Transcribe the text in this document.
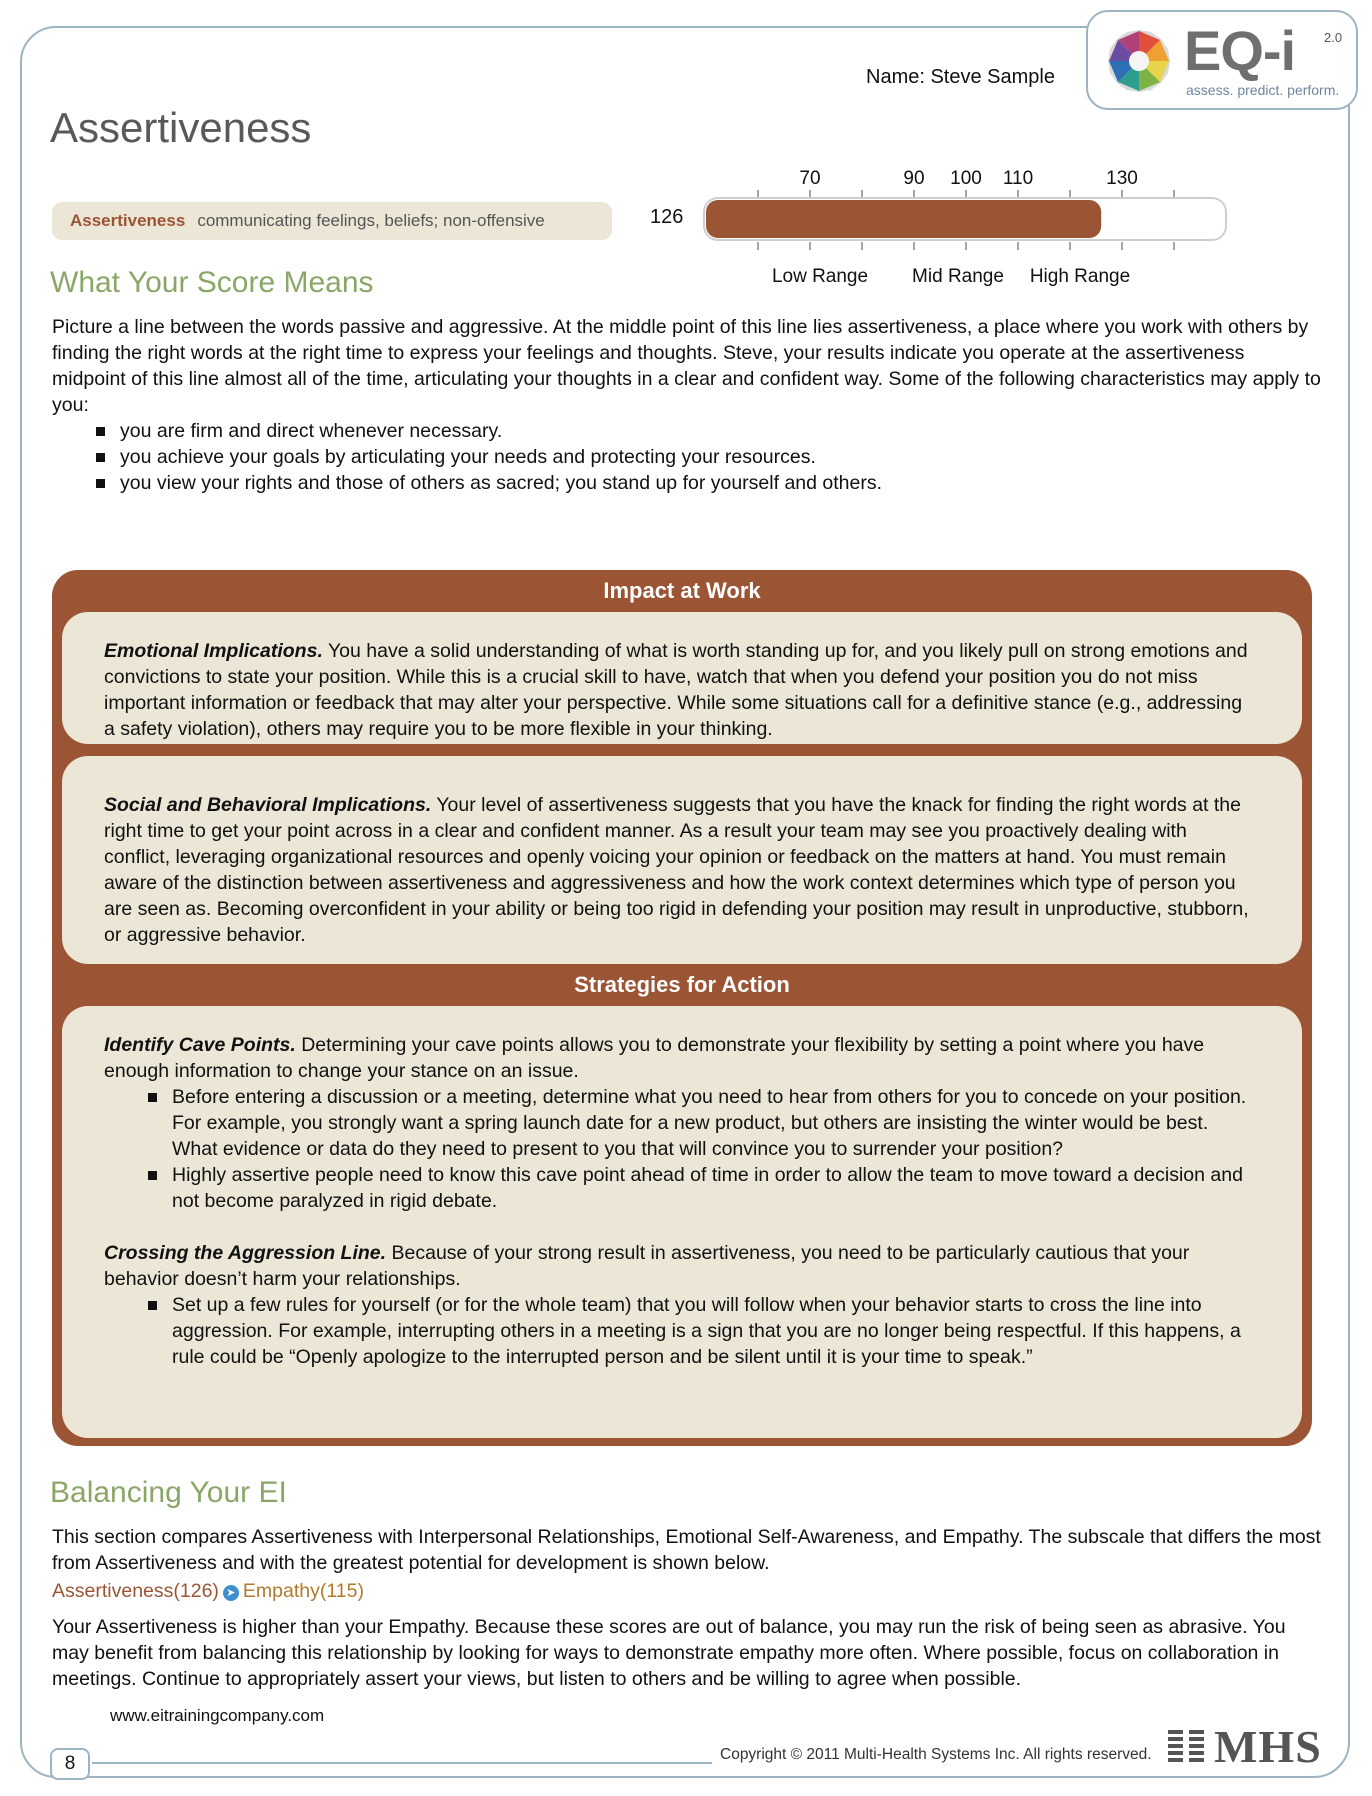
EQ-i 2.0
assess. predict. perform.
Name: Steve Sample
Assertiveness
Assertiveness communicating feelings, beliefs; non-offensive	126
70	90 100 110	130
Low Range Mid Range High Range
What Your Score Means

Picture a line between the words passive and aggressive. At the middle point of this line lies assertiveness, a place where you work with others by finding the right words at the right time to express your feelings and thoughts. Steve, your results indicate you operate at the assertiveness midpoint of this line almost all of the time, articulating your thoughts in a clear and confident way. Some of the following characteristics may apply to you:

you are firm and direct whenever necessary.
you achieve your goals by articulating your needs and protecting your resources.
you view your rights and those of others as sacred; you stand up for yourself and others.
Impact at Work

Emotional Implications. You have a solid understanding of what is worth standing up for, and you likely pull on strong emotions and convictions to state your position. While this is a crucial skill to have, watch that when you defend your position you do not miss important information or feedback that may alter your perspective. While some situations call for a definitive stance (e.g., addressing a safety violation), others may require you to be more flexible in your thinking.

Social and Behavioral Implications. Your level of assertiveness suggests that you have the knack for finding the right words at the right time to get your point across in a clear and confident manner. As a result your team may see you proactively dealing with conflict, leveraging organizational resources and openly voicing your opinion or feedback on the matters at hand. You must remain aware of the distinction between assertiveness and aggressiveness and how the work context determines which type of person you are seen as. Becoming overconfident in your ability or being too rigid in defending your position may result in unproductive, stubborn, or aggressive behavior.

Strategies for Action

Identify Cave Points. Determining your cave points allows you to demonstrate your flexibility by setting a point where you have enough information to change your stance on an issue.

Before entering a discussion or a meeting, determine what you need to hear from others for you to concede on your position. For example, you strongly want a spring launch date for a new product, but others are insisting the winter would be best. What evidence or data do they need to present to you that will convince you to surrender your position?
Highly assertive people need to know this cave point ahead of time in order to allow the team to move toward a decision and not become paralyzed in rigid debate.

Crossing the Aggression Line. Because of your strong result in assertiveness, you need to be particularly cautious that your behavior doesn’t harm your relationships.

Set up a few rules for yourself (or for the whole team) that you will follow when your behavior starts to cross the line into aggression. For example, interrupting others in a meeting is a sign that you are no longer being respectful. If this happens, a rule could be “Openly apologize to the interrupted person and be silent until it is your time to speak.”
Balancing Your EI
This section compares Assertiveness with Interpersonal Relationships, Emotional Self-Awareness, and Empathy. The subscale that differs the most from Assertiveness and with the greatest potential for development is shown below.
Assertiveness(126) ➤ Empathy(115)
Your Assertiveness is higher than your Empathy. Because these scores are out of balance, you may run the risk of being seen as abrasive. You may benefit from balancing this relationship by looking for ways to demonstrate empathy more often. Where possible, focus on collaboration in meetings. Continue to appropriately assert your views, but listen to others and be willing to agree when possible.
www.eitrainingcompany.com
8	Copyright © 2011 Multi-Health Systems Inc. All rights reserved. MHS
